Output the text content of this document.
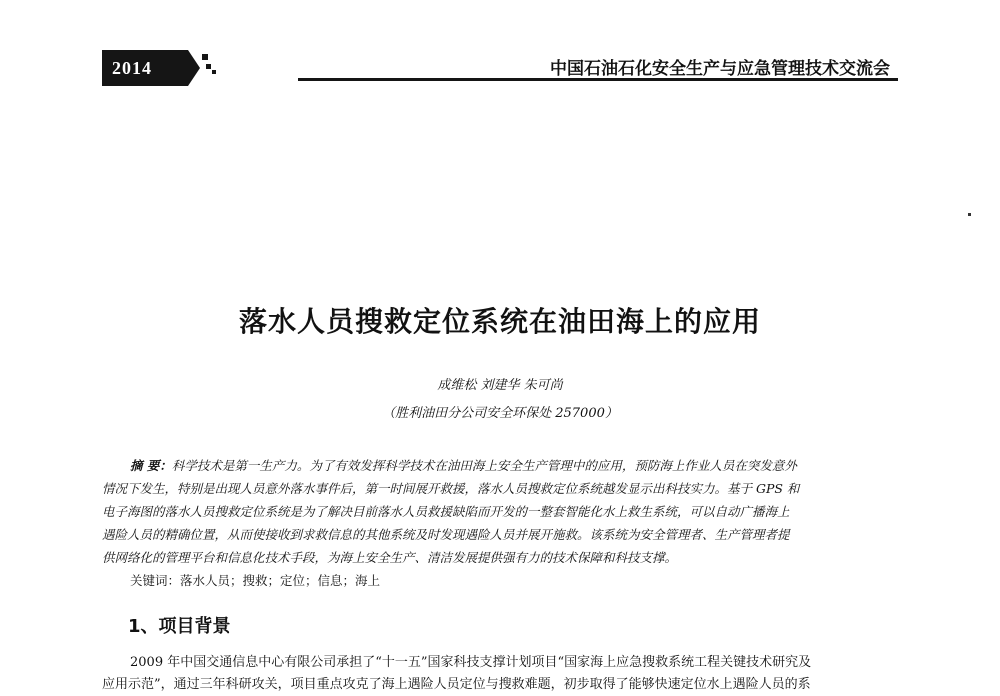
2014	中国石油石化安全生产与应急管理技术交流会
落水人员搜救定位系统在油田海上的应用
成维松 刘建华 朱可尚
（胜利油田分公司安全环保处 257000）
摘 要：科学技术是第一生产力。为了有效发挥科学技术在油田海上安全生产管理中的应用，预防海上作业人员在突发意外
情况下发生，特别是出现人员意外落水事件后，第一时间展开救援，落水人员搜救定位系统越发显示出科技实力。基于 GPS 和
电子海图的落水人员搜救定位系统是为了解决目前落水人员救援缺陷而开发的一整套智能化水上救生系统，可以自动广播海上
遇险人员的精确位置，从而使接收到求救信息的其他系统及时发现遇险人员并展开施救。该系统为安全管理者、生产管理者提
供网络化的管理平台和信息化技术手段，为海上安全生产、清洁发展提供强有力的技术保障和科技支撑。
关键词：落水人员；搜救；定位；信息；海上
1、项目背景
2009 年中国交通信息中心有限公司承担了“十一五”国家科技支撑计划项目“国家海上应急搜救系统工程关键技术研究及
应用示范”，通过三年科研攻关，项目重点攻克了海上遇险人员定位与搜救难题，初步取得了能够快速定位水上遇险人员的系
